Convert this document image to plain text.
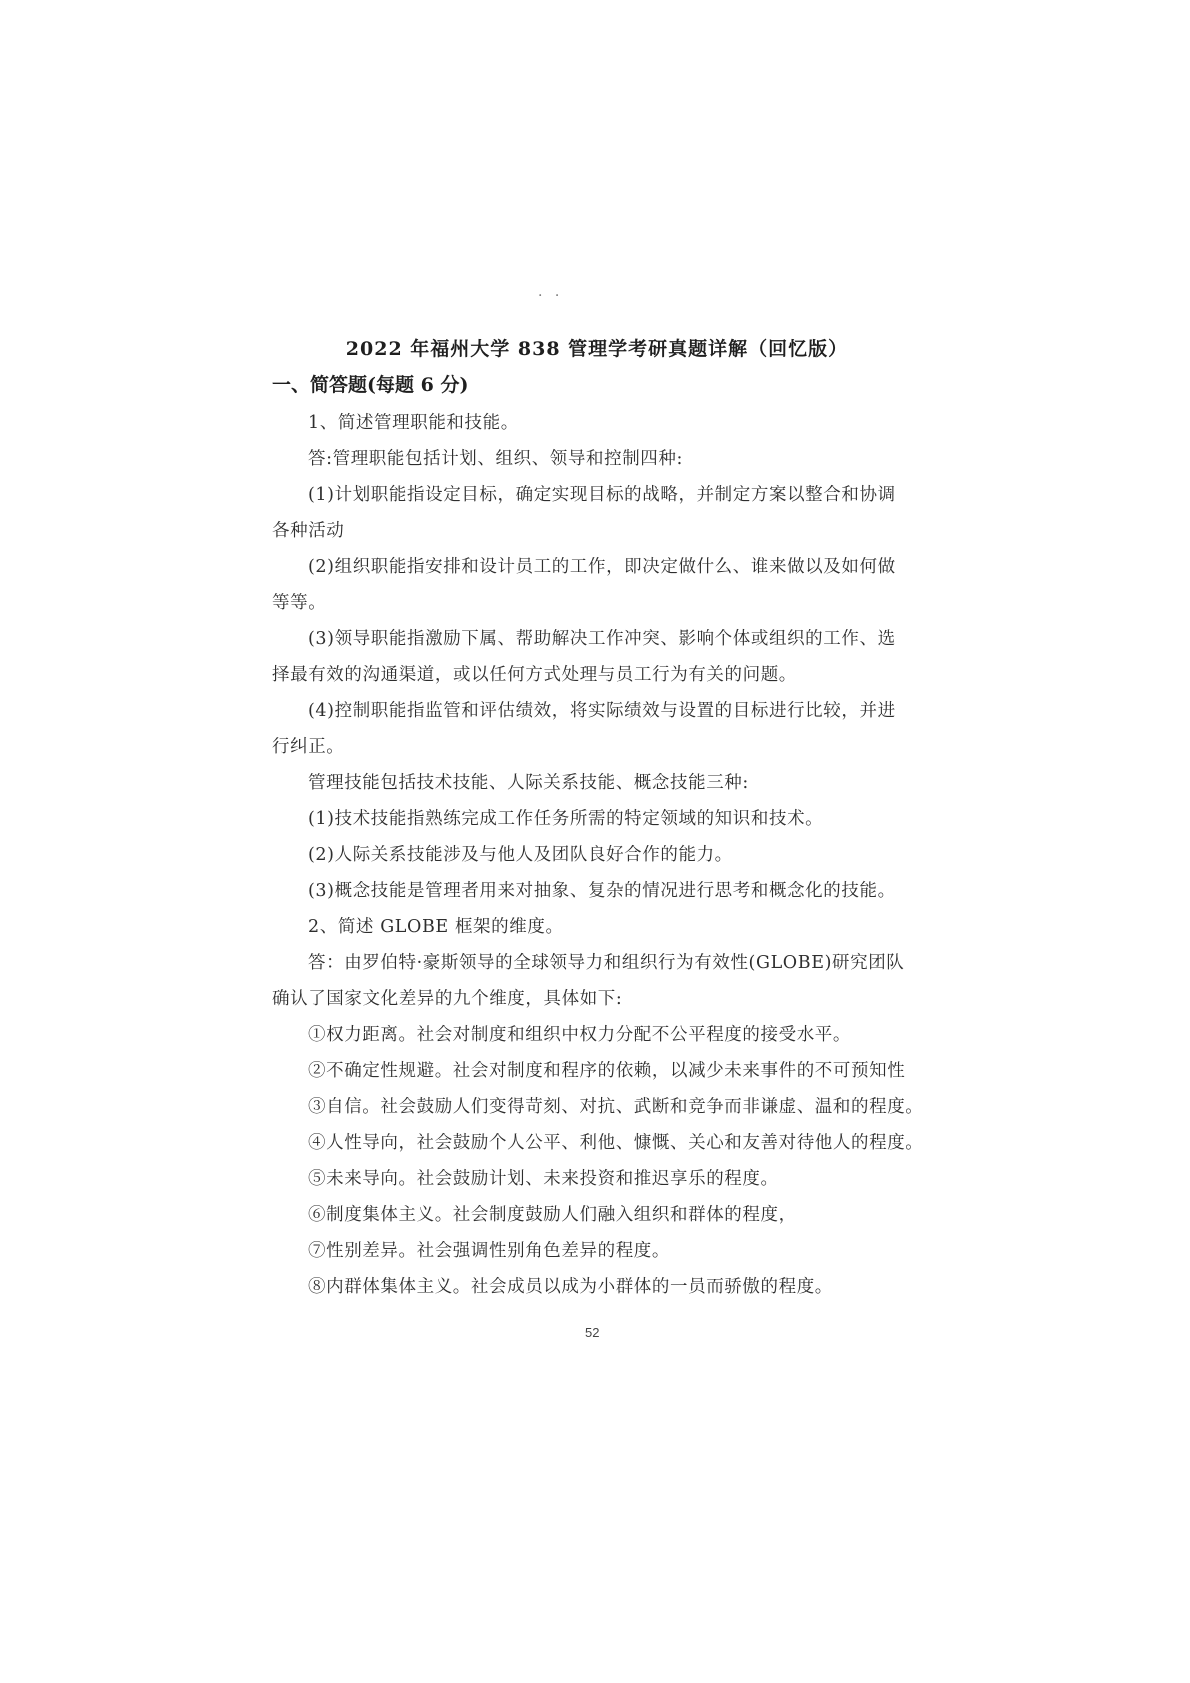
· ·
2022 年福州大学 838 管理学考研真题详解（回忆版）
一、简答题(每题 6 分)
1、简述管理职能和技能。
答:管理职能包括计划、组织、领导和控制四种:
(1)计划职能指设定目标，确定实现目标的战略，并制定方案以整合和协调
各种活动
(2)组织职能指安排和设计员工的工作，即决定做什么、谁来做以及如何做
等等。
(3)领导职能指激励下属、帮助解决工作冲突、影响个体或组织的工作、选
择最有效的沟通渠道，或以任何方式处理与员工行为有关的问题。
(4)控制职能指监管和评估绩效，将实际绩效与设置的目标进行比较，并进
行纠正。
管理技能包括技术技能、人际关系技能、概念技能三种:
(1)技术技能指熟练完成工作任务所需的特定领域的知识和技术。
(2)人际关系技能涉及与他人及团队良好合作的能力。
(3)概念技能是管理者用来对抽象、复杂的情况进行思考和概念化的技能。
2、简述 GLOBE 框架的维度。
答：由罗伯特·豪斯领导的全球领导力和组织行为有效性(GLOBE)研究团队
确认了国家文化差异的九个维度，具体如下:
①权力距离。社会对制度和组织中权力分配不公平程度的接受水平。
②不确定性规避。社会对制度和程序的依赖，以减少未来事件的不可预知性
③自信。社会鼓励人们变得苛刻、对抗、武断和竞争而非谦虚、温和的程度。
④人性导向，社会鼓励个人公平、利他、慷慨、关心和友善对待他人的程度。
⑤未来导向。社会鼓励计划、未来投资和推迟享乐的程度。
⑥制度集体主义。社会制度鼓励人们融入组织和群体的程度，
⑦性别差异。社会强调性别角色差异的程度。
⑧内群体集体主义。社会成员以成为小群体的一员而骄傲的程度。
52
